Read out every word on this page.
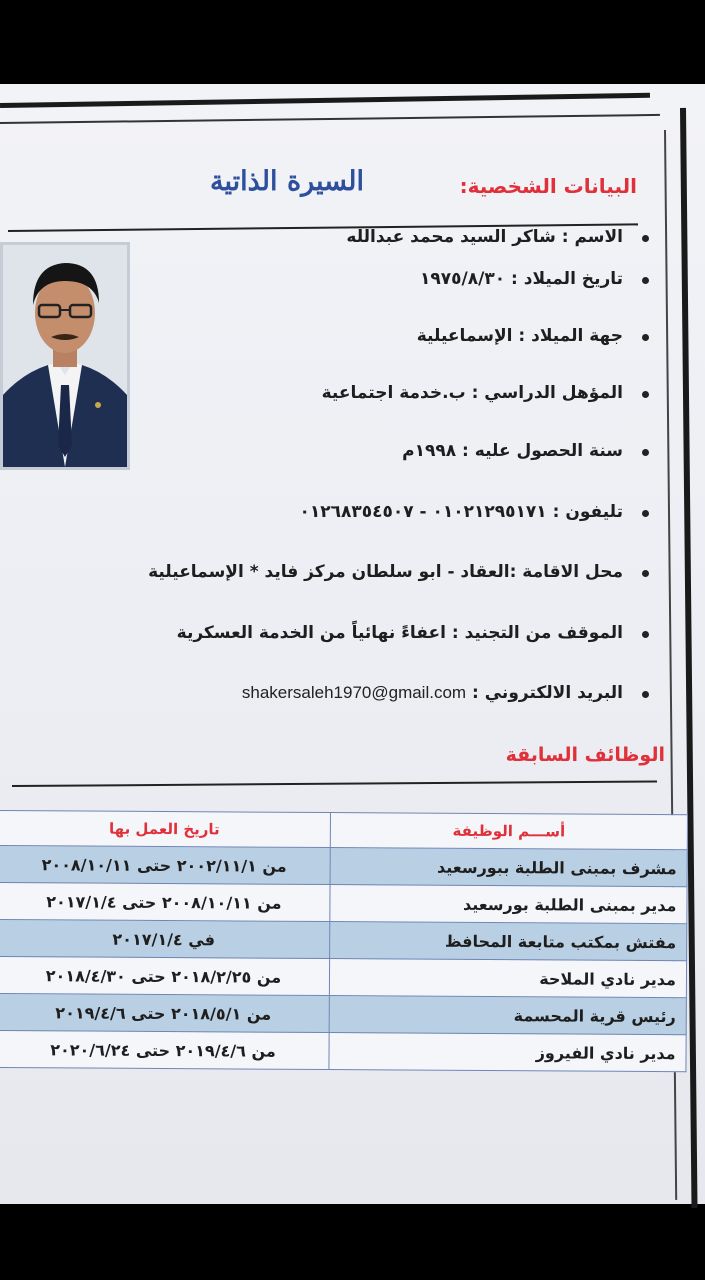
السيرة الذاتية	البيانات الشخصية:
الاسم : شاكر السيد محمد عبدالله
تاريخ الميلاد : ١٩٧٥/٨/٣٠
جهة الميلاد : الإسماعيلية
المؤهل الدراسي : ب.خدمة اجتماعية
سنة الحصول عليه : ١٩٩٨م
تليفون : ٠١٠٢١٢٩٥١٧١ - ٠١٢٦٨٣٥٤٥٠٧
محل الاقامة :العقاد - ابو سلطان مركز فايد * الإسماعيلية
الموقف من التجنيد : اعفاءً نهائياً من الخدمة العسكرية
البريد الالكتروني : shakersaleh1970@gmail.com
الوظائف السابقة
أســـم الوظيفة	تاريخ العمل بها
مشرف بمبنى الطلبة ببورسعيد	من ٢٠٠٢/١١/١ حتى ٢٠٠٨/١٠/١١
مدير بمبنى الطلبة بورسعيد	من ٢٠٠٨/١٠/١١ حتى ٢٠١٧/١/٤
مفتش بمكتب متابعة المحافظ	في ٢٠١٧/١/٤
مدير نادي الملاحة	من ٢٠١٨/٢/٢٥ حتى ٢٠١٨/٤/٣٠
رئيس قرية المحسمة	من ٢٠١٨/٥/١ حتى ٢٠١٩/٤/٦
مدير نادي الفيروز	من ٢٠١٩/٤/٦ حتى ٢٠٢٠/٦/٢٤
